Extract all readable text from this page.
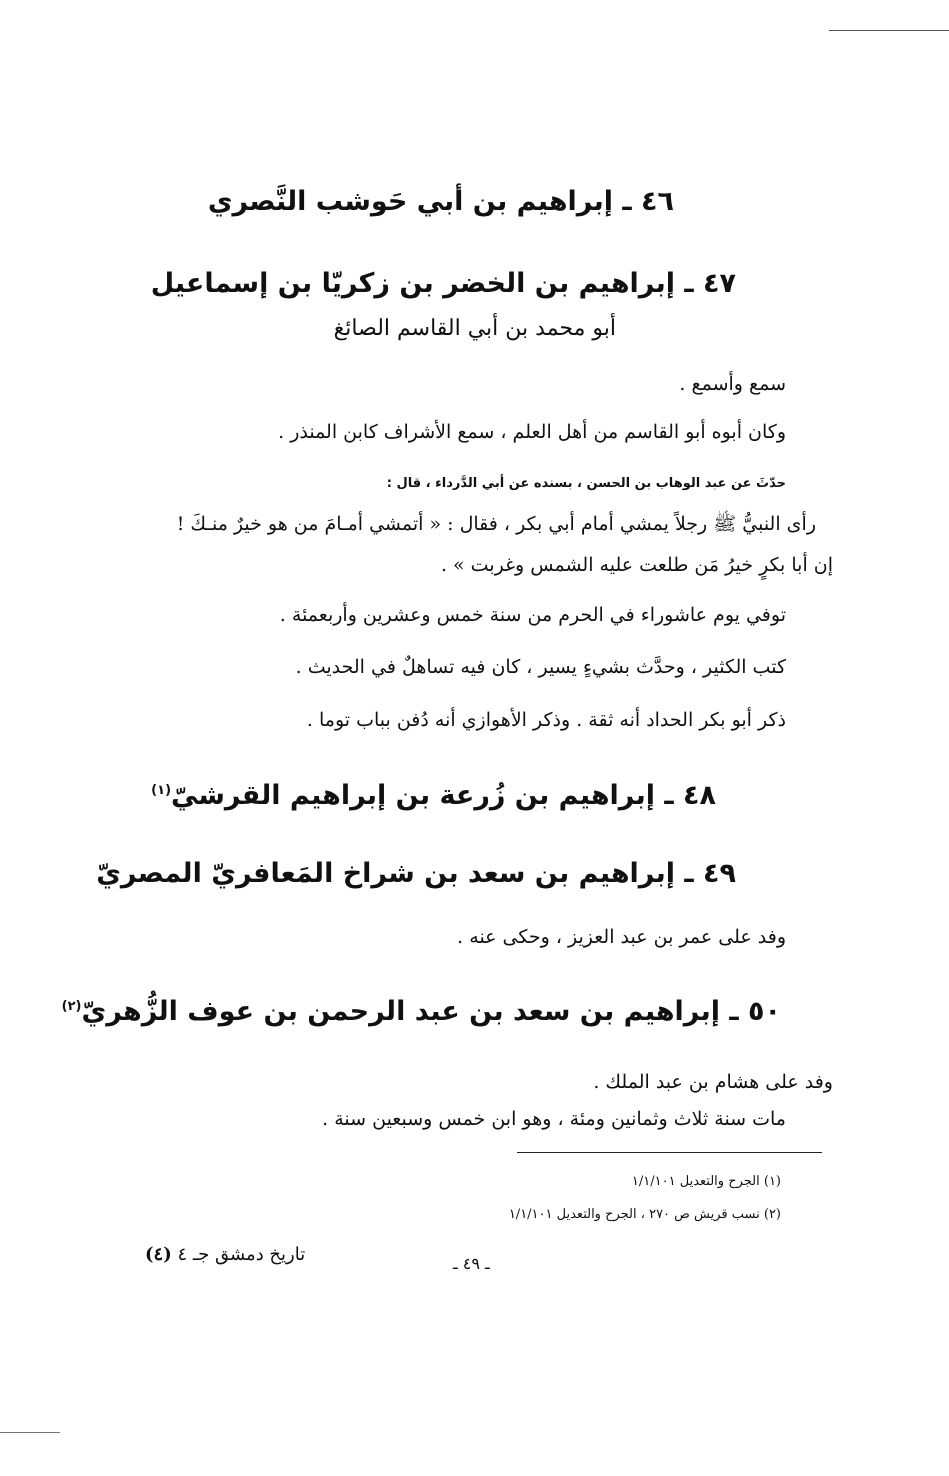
٤٦ ـ إبراهيم بن أبي حَوشب النَّصري
٤٧ ـ إبراهيم بن الخضر بن زكريّا بن إسماعيل
أبو محمد بن أبي القاسم الصائغ
سمع وأسمع .
وكان أبوه أبو القاسم من أهل العلم ، سمع الأشراف كابن المنذر .
حدّثَ عن عبد الوهاب بن الحسن ، بسنده عن أبي الدَّرداء ، قال :
رأى النبيُّ ﷺ رجلاً يمشي أمام أبي بكر ، فقال : « أتمشي أمـامَ من هو خيرٌ منـكَ !
إن أبا بكرٍ خيرُ مَن طلعت عليه الشمس وغربت » .
توفي يوم عاشوراء في الحرم من سنة خمس وعشرين وأربعمئة .
كتب الكثير ، وحدَّث بشيءٍ يسير ، كان فيه تساهلٌ في الحديث .
ذكر أبو بكر الحداد أنه ثقة . وذكر الأهوازي أنه دُفن بباب توما .
٤٨ ـ إبراهيم بن زُرعة بن إبراهيم القرشيّ$^{(١)}$
٤٩ ـ إبراهيم بن سعد بن شراخ المَعافريّ المصريّ
وفد على عمر بن عبد العزيز ، وحكى عنه .
٥٠ ـ إبراهيم بن سعد بن عبد الرحمن بن عوف الزُّهريّ$^{(٢)}$
وفد على هشام بن عبد الملك .
مات سنة ثلاث وثمانين ومئة ، وهو ابن خمس وسبعين سنة .
(١) الجرح والتعديل ١/١/١٠١
(٢) نسب قريش ص ٢٧٠ ، الجرح والتعديل ١/١/١٠١
تاريخ دمشق جـ ٤ (٤)	ـ ٤٩ ـ
